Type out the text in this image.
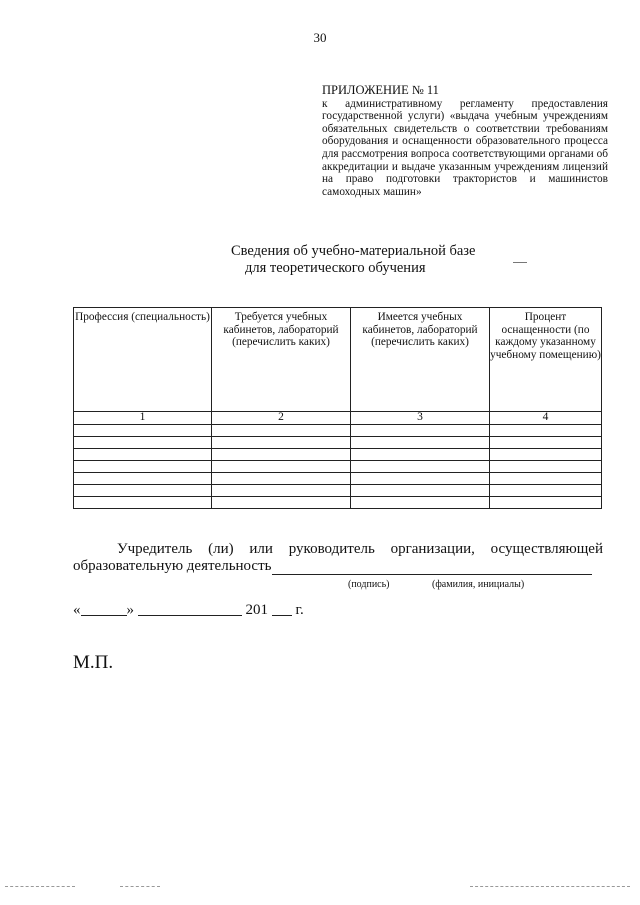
30
ПРИЛОЖЕНИЕ № 11
к административному регламенту предоставления государственной услуги) «выдача учебным учреждениям обязательных свидетельств о соответствии требованиям оборудования и оснащенности образовательного процесса для рассмотрения вопроса соответствующими органами об аккредитации и выдаче указанным учреждениям лицензий на право подготовки трактористов и машинистов самоходных машин»
Сведения об учебно-материальной базе
для теоретического обучения
Профессия (специальность)	Требуется учебных кабинетов, лабораторий (перечислить каких)	Имеется учебных кабинетов, лабораторий (перечислить каких)	Процент оснащенности (по каждому указанному учебному помещению)
1	2	3	4

Учредитель (ли) или руководитель организации, осуществляющей
образовательную деятельность
(подпись)	(фамилия, инициалы)
«	»	201 г.
М.П.
